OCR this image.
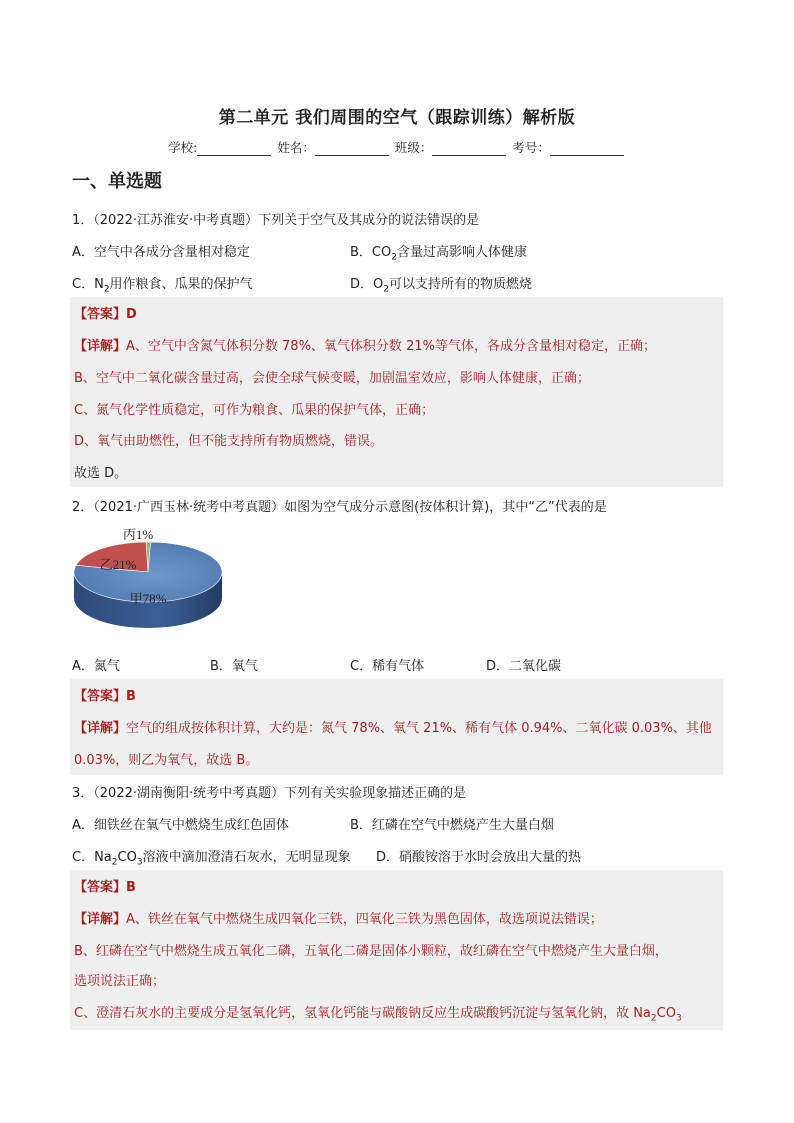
第二单元 我们周围的空气（跟踪训练）解析版
学校:	姓名：	班级：	考号：
一、单选题
1．（2022·江苏淮安·中考真题）下列关于空气及其成分的说法错误的是
A．空气中各成分含量相对稳定	B．$CO_2$含量过高影响人体健康
C．$N_2$用作粮食、瓜果的保护气	D．$O_2$可以支持所有的物质燃烧
【答案】D
【详解】A、空气中含氮气体积分数 78%、氧气体积分数 21%等气体，各成分含量相对稳定，正确；
B、空气中二氧化碳含量过高，会使全球气候变暖，加剧温室效应，影响人体健康，正确；
C、氮气化学性质稳定，可作为粮食、瓜果的保护气体，正确；
D、氧气由助燃性，但不能支持所有物质燃烧，错误。
故选 D。
2．（2021·广西玉林·统考中考真题）如图为空气成分示意图(按体积计算)，其中“乙”代表的是
丙1%
乙21%
甲78%
A．氮气	B．氧气	C．稀有气体	D．二氧化碳
【答案】B
【详解】空气的组成按体积计算，大约是：氮气 78%、氧气 21%、稀有气体 0.94%、二氧化碳 0.03%、其他
0.03%，则乙为氧气，故选 B。
3．（2022·湖南衡阳·统考中考真题）下列有关实验现象描述正确的是
A．细铁丝在氧气中燃烧生成红色固体	B．红磷在空气中燃烧产生大量白烟
C．$Na_2CO_3$溶液中滴加澄清石灰水，无明显现象 D．硝酸铵溶于水时会放出大量的热
【答案】B
【详解】A、铁丝在氧气中燃烧生成四氧化三铁，四氧化三铁为黑色固体，故选项说法错误；
B、红磷在空气中燃烧生成五氧化二磷，五氧化二磷是固体小颗粒，故红磷在空气中燃烧产生大量白烟，
选项说法正确；
C、澄清石灰水的主要成分是氢氧化钙，氢氧化钙能与碳酸钠反应生成碳酸钙沉淀与氢氧化钠，故 $Na_2CO_3$
